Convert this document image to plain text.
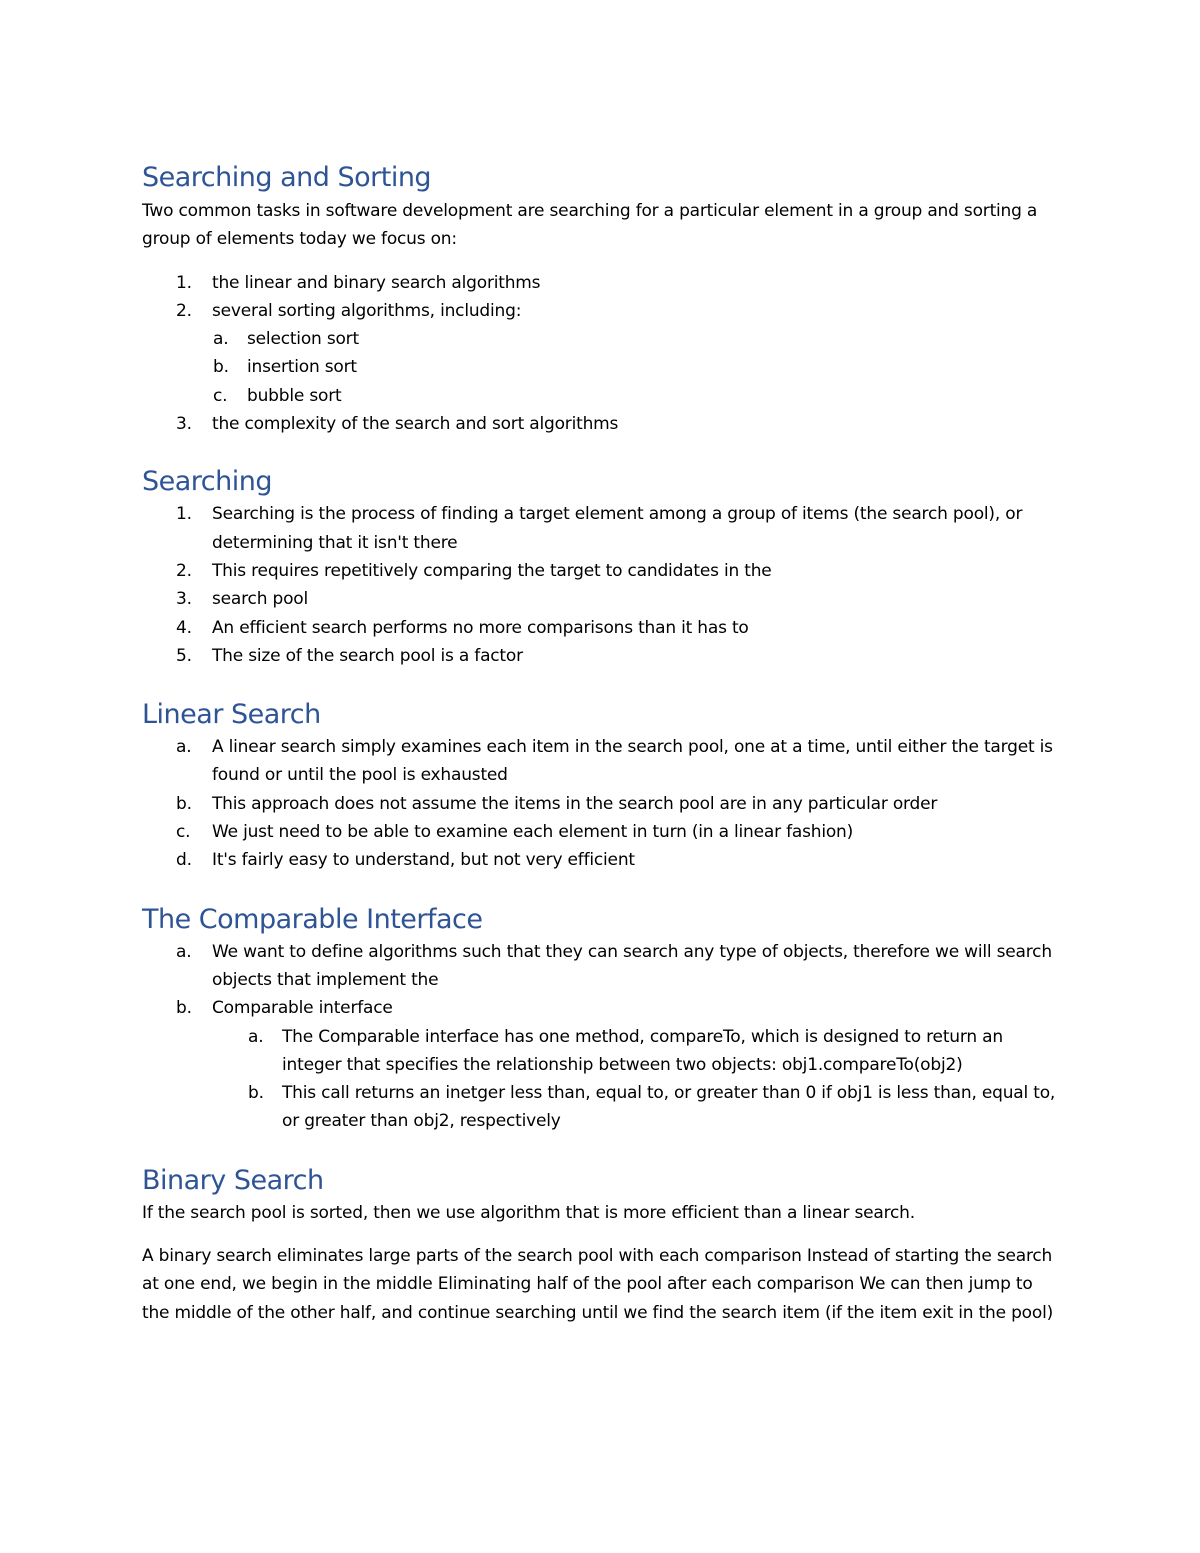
Searching and Sorting

Two common tasks in software development are searching for a particular element in a group and sorting a group of elements today we focus on:

1. the linear and binary search algorithms
2. several sorting algorithms, including:
a. selection sort
b. insertion sort
c. bubble sort
3. the complexity of the search and sort algorithms
Searching
1. Searching is the process of finding a target element among a group of items (the search pool), or determining that it isn't there
2. This requires repetitively comparing the target to candidates in the
3. search pool
4. An efficient search performs no more comparisons than it has to
5. The size of the search pool is a factor
Linear Search
a. A linear search simply examines each item in the search pool, one at a time, until either the target is found or until the pool is exhausted
b. This approach does not assume the items in the search pool are in any particular order
c. We just need to be able to examine each element in turn (in a linear fashion)
d. It's fairly easy to understand, but not very efficient
The Comparable Interface
a. We want to define algorithms such that they can search any type of objects, therefore we will search objects that implement the
b. Comparable interface
a. The Comparable interface has one method, compareTo, which is designed to return an integer that specifies the relationship between two objects: obj1.compareTo(obj2)
b. This call returns an inetger less than, equal to, or greater than 0 if obj1 is less than, equal to, or greater than obj2, respectively
Binary Search

If the search pool is sorted, then we use algorithm that is more efficient than a linear search.

A binary search eliminates large parts of the search pool with each comparison Instead of starting the search at one end, we begin in the middle Eliminating half of the pool after each comparison We can then jump to the middle of the other half, and continue searching until we find the search item (if the item exit in the pool)
